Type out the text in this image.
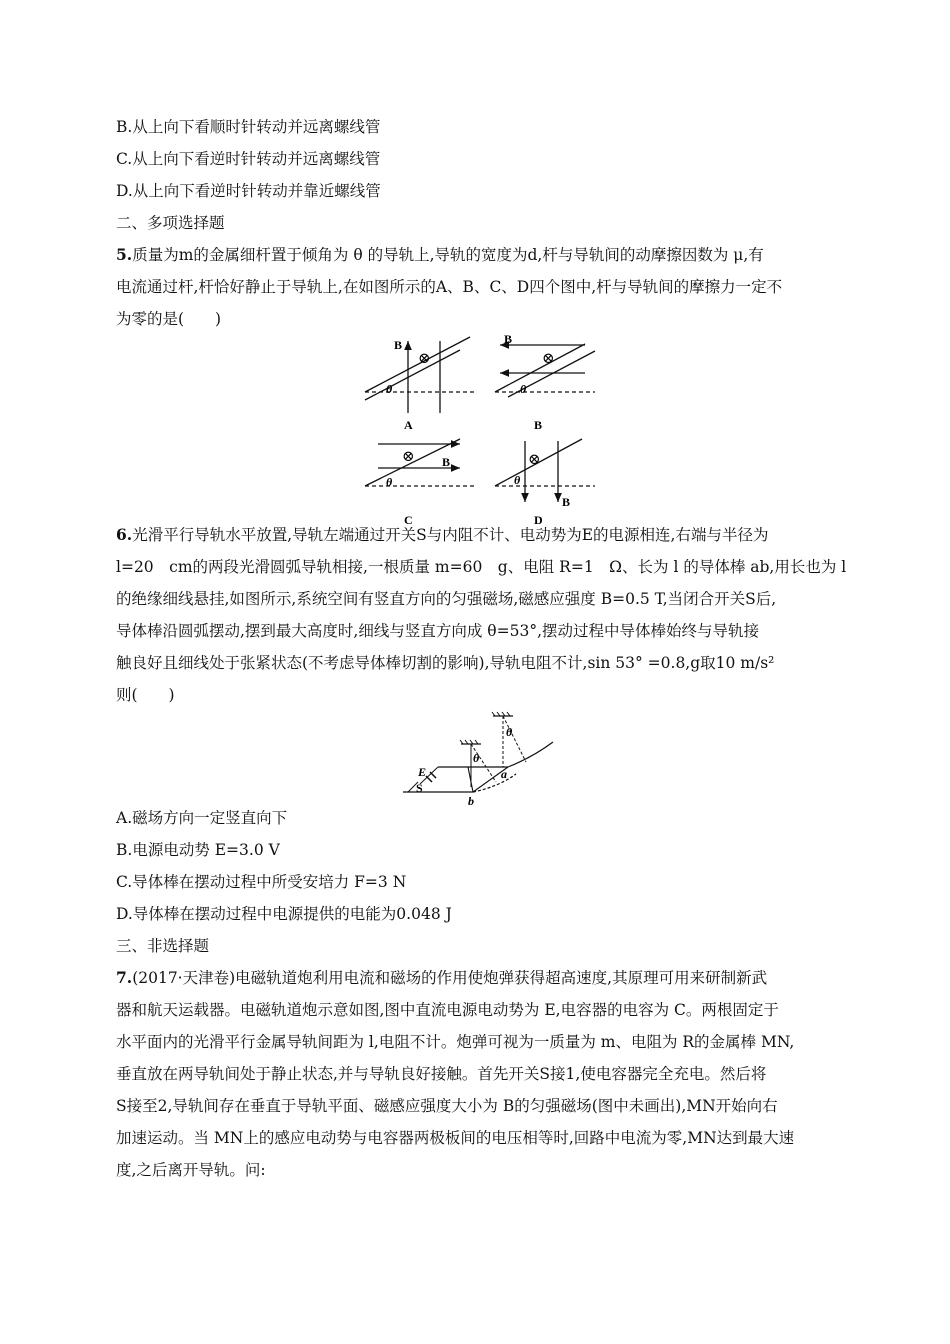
B.从上向下看顺时针转动并远离螺线管
C.从上向下看逆时针转动并远离螺线管
D.从上向下看逆时针转动并靠近螺线管
二、多项选择题
5.质量为m的金属细杆置于倾角为 θ 的导轨上,导轨的宽度为d,杆与导轨间的动摩擦因数为 μ,有
电流通过杆,杆恰好静止于导轨上,在如图所示的A、B、C、D四个图中,杆与导轨间的摩擦力一定不
为零的是(　　)
B
⊗
θ
A
B
⊗
θ
B
⊗ B
θ
C
⊗
θ
B
D
6.光滑平行导轨水平放置,导轨左端通过开关S与内阻不计、电动势为E的电源相连,右端与半径为
l=20　cm的两段光滑圆弧导轨相接,一根质量 m=60　g、电阻 R=1　Ω、长为 l 的导体棒 ab,用长也为 l
的绝缘细线悬挂,如图所示,系统空间有竖直方向的匀强磁场,磁感应强度 B=0.5 T,当闭合开关S后,
导体棒沿圆弧摆动,摆到最大高度时,细线与竖直方向成 θ=53°,摆动过程中导体棒始终与导轨接
触良好且细线处于张紧状态(不考虑导体棒切割的影响),导轨电阻不计,sin 53° =0.8,g取10 m/s²
则(　　)
E
S
θ
θ
a
b
A.磁场方向一定竖直向下
B.电源电动势 E=3.0 V
C.导体棒在摆动过程中所受安培力 F=3 N
D.导体棒在摆动过程中电源提供的电能为0.048 J
三、非选择题
7.(2017·天津卷)电磁轨道炮利用电流和磁场的作用使炮弹获得超高速度,其原理可用来研制新武
器和航天运载器。电磁轨道炮示意如图,图中直流电源电动势为 E,电容器的电容为 C。两根固定于
水平面内的光滑平行金属导轨间距为 l,电阻不计。炮弹可视为一质量为 m、电阻为 R的金属棒 MN,
垂直放在两导轨间处于静止状态,并与导轨良好接触。首先开关S接1,使电容器完全充电。然后将
S接至2,导轨间存在垂直于导轨平面、磁感应强度大小为 B的匀强磁场(图中未画出),MN开始向右
加速运动。当 MN上的感应电动势与电容器两极板间的电压相等时,回路中电流为零,MN达到最大速
度,之后离开导轨。问:
